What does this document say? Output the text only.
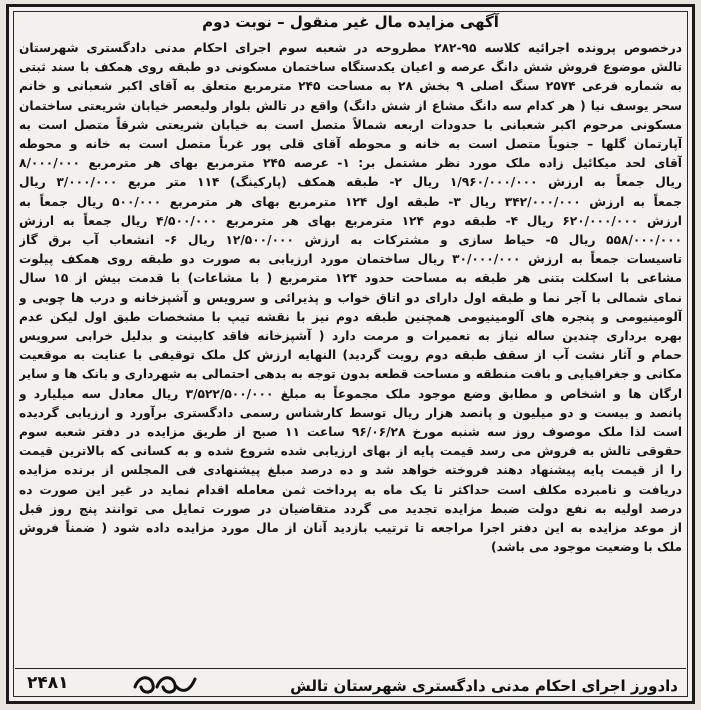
آگهی مزایده مال غیر منقول – نوبت دوم
درخصوص پرونده اجرائیه کلاسه ۹۵-۲۸۲ مطروحه در شعبه سوم اجرای احکام مدنی دادگستری شهرستان
تالش موضوع فروش شش دانگ عرصه و اعیان یکدستگاه ساختمان مسکونی دو طبقه روی همکف با سند ثبتی
به شماره فرعی ۲۵۷۴ سنگ اصلی ۹ بخش ۲۸ به مساحت ۲۴۵ مترمربع متعلق به آقای اکبر شعبانی و خانم
سحر یوسف نیا ( هر کدام سه دانگ مشاع از شش دانگ) واقع در تالش بلوار ولیعصر خیابان شریعتی ساختمان
مسکونی مرحوم اکبر شعبانی با حدودات اربعه شمالاً متصل است به خیابان شریعتی شرقاً متصل است به
آپارتمان گلها – جنوباً متصل است به خانه و محوطه آقای قلی پور غرباً متصل است به خانه و محوطه
آقای لحد میکائیل زاده ملک مورد نظر مشتمل بر: ۱- عرصه ۲۴۵ مترمربع بهای هر مترمربع ۸/۰۰۰/۰۰۰
ریال جمعاً به ارزش ۱/۹۶۰/۰۰۰/۰۰۰ ریال ۲- طبقه همکف (پارکینگ) ۱۱۴ متر مربع ۳/۰۰۰/۰۰۰ ریال
جمعاً به ارزش ۳۴۲/۰۰۰/۰۰۰ ریال ۳- طبقه اول ۱۲۴ مترمربع بهای هر مترمربع ۵۰۰/۰۰۰ ریال جمعاً به
ارزش ۶۲۰/۰۰۰/۰۰۰ ریال ۴- طبقه دوم ۱۲۴ مترمربع بهای هر مترمربع ۴/۵۰۰/۰۰۰ ریال جمعاً به ارزش
۵۵۸/۰۰۰/۰۰۰ ریال ۵- حیاط سازی و مشترکات به ارزش ۱۲/۵۰۰/۰۰۰ ریال ۶- انشعاب آب برق گاز
تاسیسات جمعاً به ارزش ۳۰/۰۰۰/۰۰۰ ریال ساختمان مورد ارزیابی به صورت دو طبقه روی همکف پیلوت
مشاعی با اسکلت بتنی هر طبقه به مساحت حدود ۱۲۴ مترمربع ( با مشاعات) با قدمت بیش از ۱۵ سال
نمای شمالی با آجر نما و طبقه اول دارای دو اتاق خواب و پذیرائی و سرویس و آشپزخانه و درب ها چوبی و
آلومینیومی و پنجره های آلومینیومی همچنین طبقه دوم نیز با نقشه تیپ با مشخصات طبق اول لیکن عدم
بهره برداری چندین ساله نیاز به تعمیرات و مرمت دارد ( آشپزخانه فاقد کابینت و بدلیل خرابی سرویس
حمام و آثار نشت آب از سقف طبقه دوم رویت گردید) النهایه ارزش کل ملک توقیفی با عنایت به موقعیت
مکانی و جغرافیایی و بافت منطقه و مساحت قطعه بدون توجه به بدهی احتمالی به شهرداری و بانک ها و سایر
ارگان ها و اشخاص و مطابق وضع موجود ملک مجموعاً به مبلغ ۳/۵۲۲/۵۰۰/۰۰۰ ریال معادل سه میلیارد و
پانصد و بیست و دو میلیون و پانصد هزار ریال توسط کارشناس رسمی دادگستری برآورد و ارزیابی گردیده
است لذا ملک موصوف روز سه شنبه مورخ ۹۶/۰۶/۲۸ ساعت ۱۱ صبح از طریق مزایده در دفتر شعبه سوم
حقوقی تالش به فروش می رسد قیمت پایه از بهای ارزیابی شده شروع شده و به کسانی که بالاترین قیمت
را از قیمت پایه پیشنهاد دهند فروخته خواهد شد و ده درصد مبلغ پیشنهادی فی المجلس از برنده مزایده
دریافت و نامبرده مکلف است حداکثر تا یک ماه به پرداخت ثمن معامله اقدام نماید در غیر این صورت ده
درصد اولیه به نفع دولت ضبط مزایده تجدید می گردد متقاضیان در صورت تمایل می توانند پنج روز قبل
از موعد مزایده به این دفتر اجرا مراجعه تا ترتیب بازدید آنان از مال مورد مزایده داده شود ( ضمناً فروش
ملک با وضعیت موجود می باشد)
دادورز اجرای احکام مدنی دادگستری شهرستان تالش
۲۴۸۱
